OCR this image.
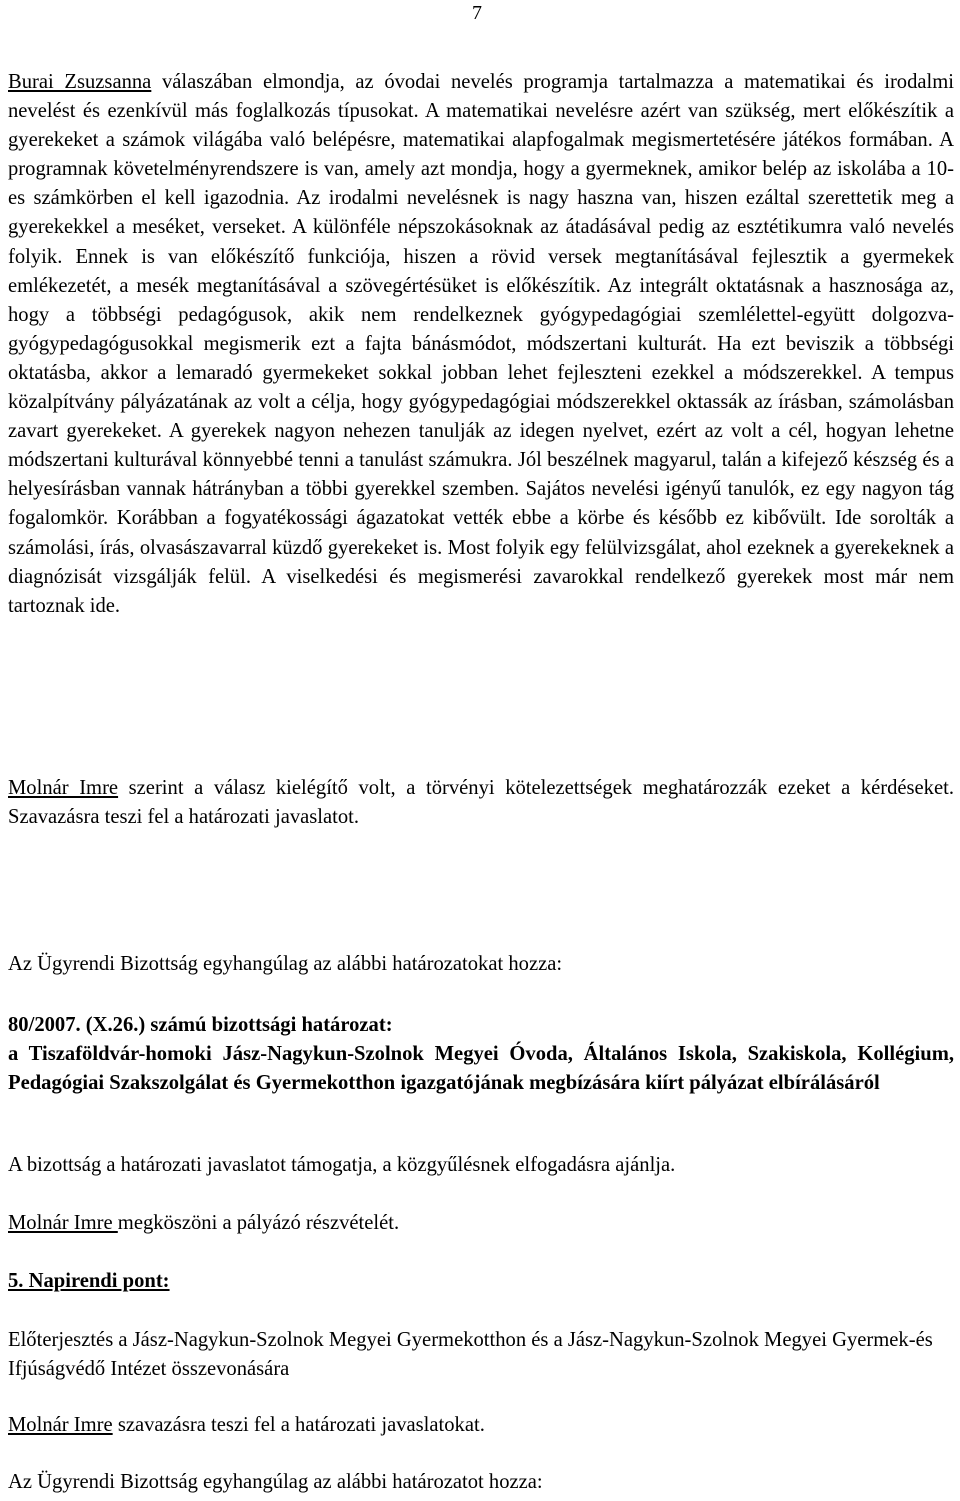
7

Burai Zsuzsanna válaszában elmondja, az óvodai nevelés programja tartalmazza a matematikai és irodalmi nevelést és ezenkívül más foglalkozás típusokat. A matematikai nevelésre azért van szükség, mert előkészítik a gyerekeket a számok világába való belépésre, matematikai alapfogalmak megismertetésére játékos formában. A programnak követelményrendszere is van, amely azt mondja, hogy a gyermeknek, amikor belép az iskolába a 10-es számkörben el kell igazodnia. Az irodalmi nevelésnek is nagy haszna van, hiszen ezáltal szerettetik meg a gyerekekkel a meséket, verseket. A különféle népszokásoknak az átadásával pedig az esztétikumra való nevelés folyik. Ennek is van előkészítő funkciója, hiszen a rövid versek megtanításával fejlesztik a gyermekek emlékezetét, a mesék megtanításával a szövegértésüket is előkészítik. Az integrált oktatásnak a hasznosága az, hogy a többségi pedagógusok, akik nem rendelkeznek gyógypedagógiai szemlélettel-együtt dolgozva- gyógypedagógusokkal megismerik ezt a fajta bánásmódot, módszertani kulturát. Ha ezt beviszik a többségi oktatásba, akkor a lemaradó gyermekeket sokkal jobban lehet fejleszteni ezekkel a módszerekkel. A tempus közalpítvány pályázatának az volt a célja, hogy gyógypedagógiai módszerekkel oktassák az írásban, számolásban zavart gyerekeket. A gyerekek nagyon nehezen tanulják az idegen nyelvet, ezért az volt a cél, hogyan lehetne módszertani kulturával könnyebbé tenni a tanulást számukra. Jól beszélnek magyarul, talán a kifejező készség és a helyesírásban vannak hátrányban a többi gyerekkel szemben. Sajátos nevelési igényű tanulók, ez egy nagyon tág fogalomkör. Korábban a fogyatékossági ágazatokat vették ebbe a körbe és később ez kibővült. Ide sorolták a számolási, írás, olvasászavarral küzdő gyerekeket is. Most folyik egy felülvizsgálat, ahol ezeknek a gyerekeknek a diagnózisát vizsgálják felül. A viselkedési és megismerési zavarokkal rendelkező gyerekek most már nem tartoznak ide.

Molnár Imre szerint a válasz kielégítő volt, a törvényi kötelezettségek meghatározzák ezeket a kérdéseket. Szavazásra teszi fel a határozati javaslatot.

Az Ügyrendi Bizottság egyhangúlag az alábbi határozatokat hozza:

80/2007. (X.26.) számú bizottsági határozat:
a Tiszaföldvár-homoki Jász-Nagykun-Szolnok Megyei Óvoda, Általános Iskola, Szakiskola, Kollégium, Pedagógiai Szakszolgálat és Gyermekotthon igazgatójának megbízására kiírt pályázat elbírálásáról

A bizottság a határozati javaslatot támogatja, a közgyűlésnek elfogadásra ajánlja.

Molnár Imre megköszöni a pályázó részvételét.

5. Napirendi pont:

Előterjesztés a Jász-Nagykun-Szolnok Megyei Gyermekotthon és a Jász-Nagykun-Szolnok Megyei Gyermek-és Ifjúságvédő Intézet összevonására

Molnár Imre szavazásra teszi fel a határozati javaslatokat.

Az Ügyrendi Bizottság egyhangúlag az alábbi határozatot hozza:
